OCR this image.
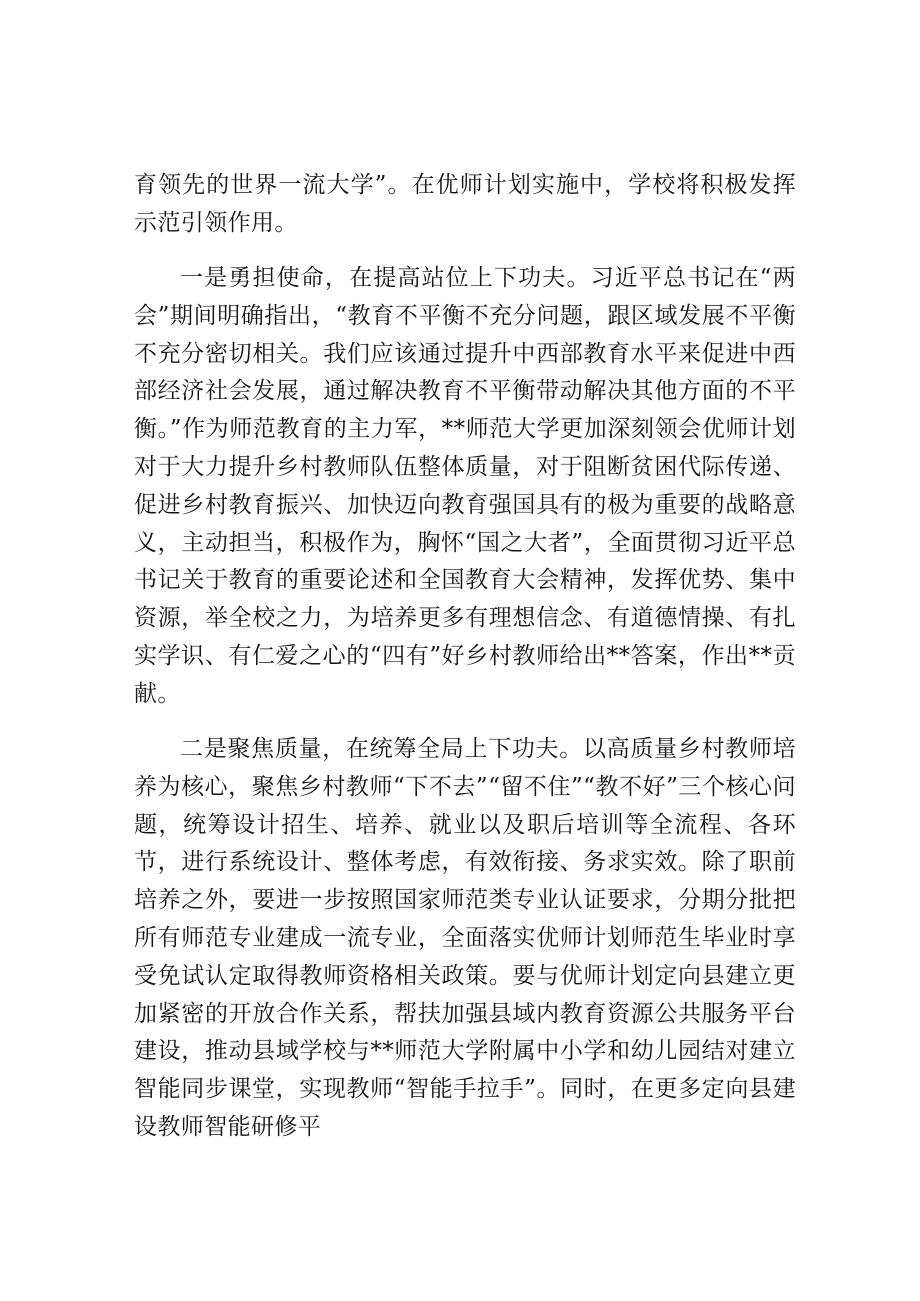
育领先的世界一流大学”。在优师计划实施中，学校将积极发挥示范引领作用。

一是勇担使命，在提高站位上下功夫。习近平总书记在“两会”期间明确指出，“教育不平衡不充分问题，跟区域发展不平衡不充分密切相关。我们应该通过提升中西部教育水平来促进中西部经济社会发展，通过解决教育不平衡带动解决其他方面的不平衡。”作为师范教育的主力军，**师范大学更加深刻领会优师计划对于大力提升乡村教师队伍整体质量，对于阻断贫困代际传递、促进乡村教育振兴、加快迈向教育强国具有的极为重要的战略意义，主动担当，积极作为，胸怀“国之大者”，全面贯彻习近平总书记关于教育的重要论述和全国教育大会精神，发挥优势、集中资源，举全校之力，为培养更多有理想信念、有道德情操、有扎实学识、有仁爱之心的“四有”好乡村教师给出**答案，作出**贡献。

二是聚焦质量，在统筹全局上下功夫。以高质量乡村教师培养为核心，聚焦乡村教师“下不去”“留不住”“教不好”三个核心问题，统筹设计招生、培养、就业以及职后培训等全流程、各环节，进行系统设计、整体考虑，有效衔接、务求实效。除了职前培养之外，要进一步按照国家师范类专业认证要求，分期分批把所有师范专业建成一流专业，全面落实优师计划师范生毕业时享受免试认定取得教师资格相关政策。要与优师计划定向县建立更加紧密的开放合作关系，帮扶加强县域内教育资源公共服务平台建设，推动县域学校与**师范大学附属中小学和幼儿园结对建立智能同步课堂，实现教师“智能手拉手”。同时，在更多定向县建设教师智能研修平
